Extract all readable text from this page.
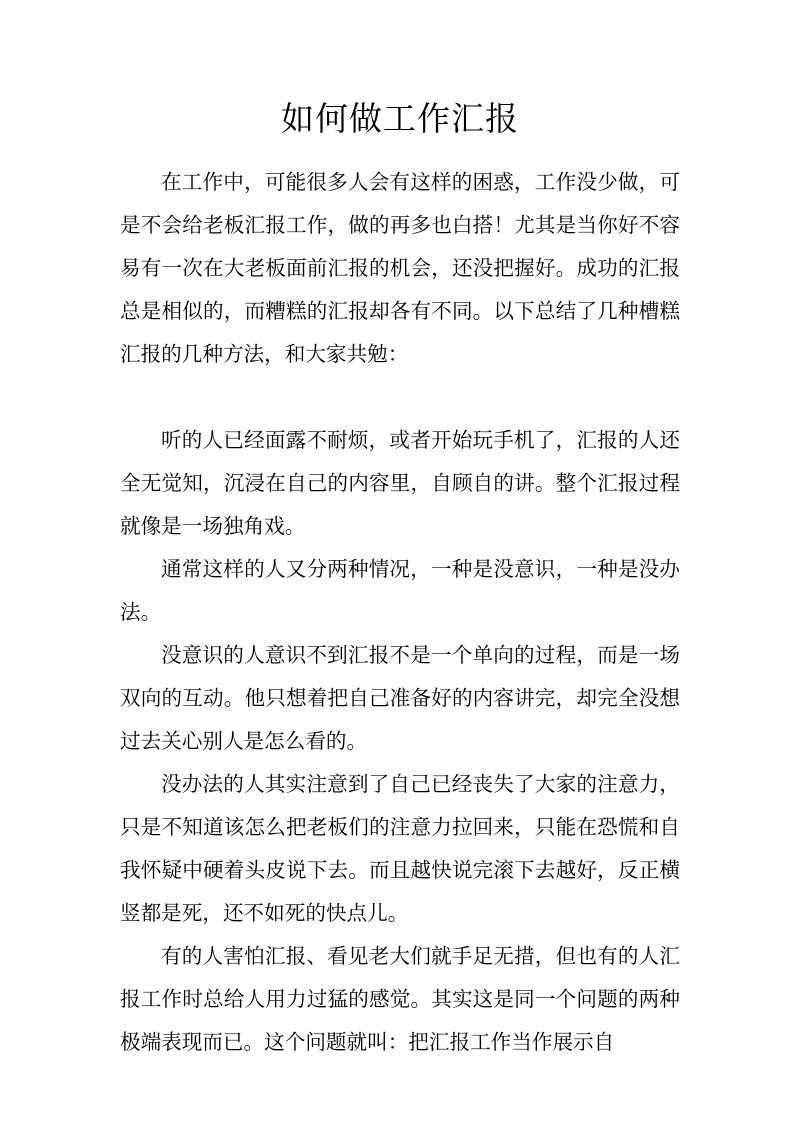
如何做工作汇报

在工作中，可能很多人会有这样的困惑，工作没少做，可是不会给老板汇报工作，做的再多也白搭！尤其是当你好不容易有一次在大老板面前汇报的机会，还没把握好。成功的汇报总是相似的，而糟糕的汇报却各有不同。以下总结了几种槽糕汇报的几种方法，和大家共勉：

听的人已经面露不耐烦，或者开始玩手机了，汇报的人还全无觉知，沉浸在自己的内容里，自顾自的讲。整个汇报过程就像是一场独角戏。

通常这样的人又分两种情况，一种是没意识，一种是没办法。

没意识的人意识不到汇报不是一个单向的过程，而是一场双向的互动。他只想着把自己准备好的内容讲完，却完全没想过去关心别人是怎么看的。

没办法的人其实注意到了自己已经丧失了大家的注意力，只是不知道该怎么把老板们的注意力拉回来，只能在恐慌和自我怀疑中硬着头皮说下去。而且越快说完滚下去越好，反正横竖都是死，还不如死的快点儿。

有的人害怕汇报、看见老大们就手足无措，但也有的人汇报工作时总给人用力过猛的感觉。其实这是同一个问题的两种极端表现而已。这个问题就叫：把汇报工作当作展示自
